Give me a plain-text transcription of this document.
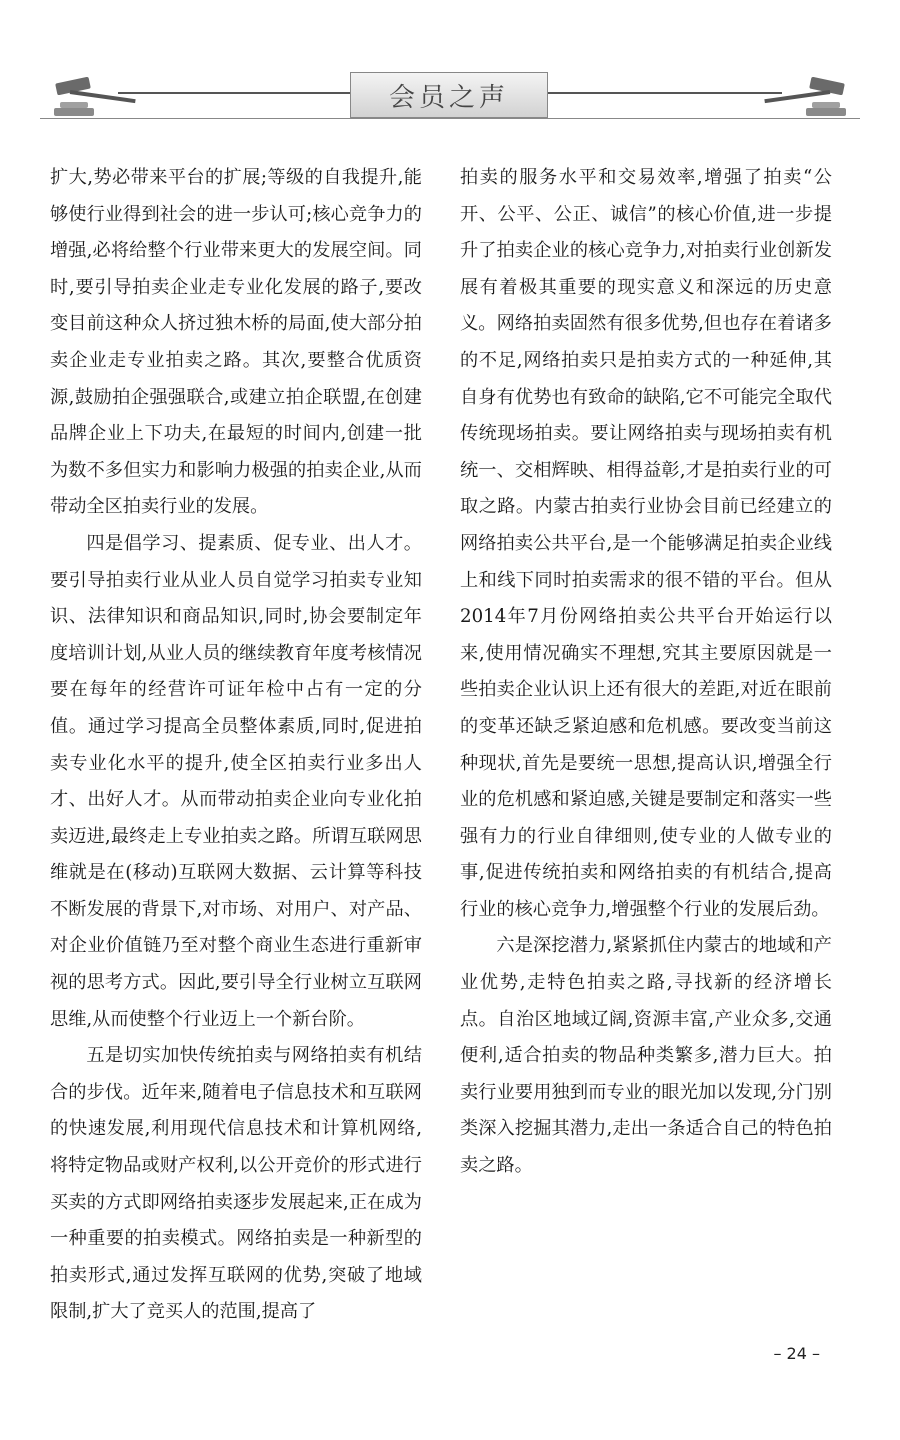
会员之声

扩大,势必带来平台的扩展;等级的自我提升,能够使行业得到社会的进一步认可;核心竞争力的增强,必将给整个行业带来更大的发展空间。同时,要引导拍卖企业走专业化发展的路子,要改变目前这种众人挤过独木桥的局面,使大部分拍卖企业走专业拍卖之路。其次,要整合优质资源,鼓励拍企强强联合,或建立拍企联盟,在创建品牌企业上下功夫,在最短的时间内,创建一批为数不多但实力和影响力极强的拍卖企业,从而带动全区拍卖行业的发展。

四是倡学习、提素质、促专业、出人才。要引导拍卖行业从业人员自觉学习拍卖专业知识、法律知识和商品知识,同时,协会要制定年度培训计划,从业人员的继续教育年度考核情况要在每年的经营许可证年检中占有一定的分值。通过学习提高全员整体素质,同时,促进拍卖专业化水平的提升,使全区拍卖行业多出人才、出好人才。从而带动拍卖企业向专业化拍卖迈进,最终走上专业拍卖之路。所谓互联网思维就是在(移动)互联网大数据、云计算等科技不断发展的背景下,对市场、对用户、对产品、对企业价值链乃至对整个商业生态进行重新审视的思考方式。因此,要引导全行业树立互联网思维,从而使整个行业迈上一个新台阶。

五是切实加快传统拍卖与网络拍卖有机结合的步伐。近年来,随着电子信息技术和互联网的快速发展,利用现代信息技术和计算机网络,将特定物品或财产权利,以公开竞价的形式进行买卖的方式即网络拍卖逐步发展起来,正在成为一种重要的拍卖模式。网络拍卖是一种新型的拍卖形式,通过发挥互联网的优势,突破了地域限制,扩大了竞买人的范围,提高了

拍卖的服务水平和交易效率,增强了拍卖“公开、公平、公正、诚信”的核心价值,进一步提升了拍卖企业的核心竞争力,对拍卖行业创新发展有着极其重要的现实意义和深远的历史意义。网络拍卖固然有很多优势,但也存在着诸多的不足,网络拍卖只是拍卖方式的一种延伸,其自身有优势也有致命的缺陷,它不可能完全取代传统现场拍卖。要让网络拍卖与现场拍卖有机统一、交相辉映、相得益彰,才是拍卖行业的可取之路。内蒙古拍卖行业协会目前已经建立的网络拍卖公共平台,是一个能够满足拍卖企业线上和线下同时拍卖需求的很不错的平台。但从2014年7月份网络拍卖公共平台开始运行以来,使用情况确实不理想,究其主要原因就是一些拍卖企业认识上还有很大的差距,对近在眼前的变革还缺乏紧迫感和危机感。要改变当前这种现状,首先是要统一思想,提高认识,增强全行业的危机感和紧迫感,关键是要制定和落实一些强有力的行业自律细则,使专业的人做专业的事,促进传统拍卖和网络拍卖的有机结合,提高行业的核心竞争力,增强整个行业的发展后劲。

六是深挖潜力,紧紧抓住内蒙古的地域和产业优势,走特色拍卖之路,寻找新的经济增长点。自治区地域辽阔,资源丰富,产业众多,交通便利,适合拍卖的物品种类繁多,潜力巨大。拍卖行业要用独到而专业的眼光加以发现,分门别类深入挖掘其潜力,走出一条适合自己的特色拍卖之路。

– 24 –
